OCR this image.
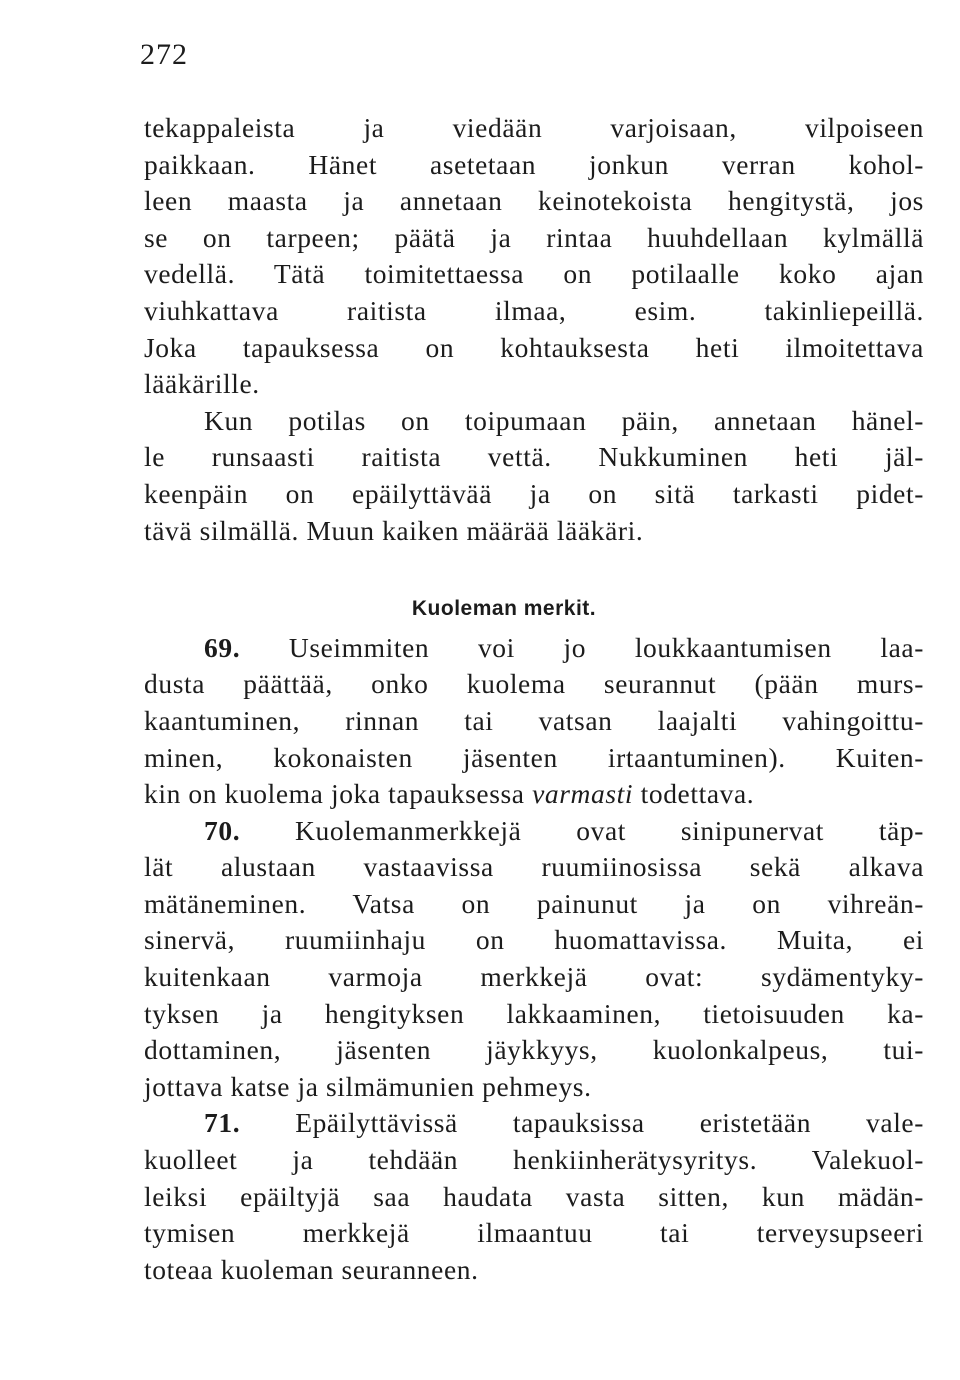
272
tekappaleista ja viedään varjoisaan, vilpoiseen
paikkaan. Hänet asetetaan jonkun verran kohol-
leen maasta ja annetaan keinotekoista hengitystä, jos
se on tarpeen; päätä ja rintaa huuhdellaan kylmällä
vedellä. Tätä toimitettaessa on potilaalle koko ajan
viuhkattava raitista ilmaa, esim. takinliepeillä.
Joka tapauksessa on kohtauksesta heti ilmoitettava
lääkärille.
Kun potilas on toipumaan päin, annetaan hänel-
le runsaasti raitista vettä. Nukkuminen heti jäl-
keenpäin on epäilyttävää ja on sitä tarkasti pidet-
tävä silmällä. Muun kaiken määrää lääkäri.
Kuoleman merkit.
69. Useimmiten voi jo loukkaantumisen laa-
dusta päättää, onko kuolema seurannut (pään murs-
kaantuminen, rinnan tai vatsan laajalti vahingoittu-
minen, kokonaisten jäsenten irtaantuminen). Kuiten-
kin on kuolema joka tapauksessa varmasti todettava.
70. Kuolemanmerkkejä ovat sinipunervat täp-
lät alustaan vastaavissa ruumiinosissa sekä alkava
mätäneminen. Vatsa on painunut ja on vihreän-
sinervä, ruumiinhaju on huomattavissa. Muita, ei
kuitenkaan varmoja merkkejä ovat: sydämentyky-
tyksen ja hengityksen lakkaaminen, tietoisuuden ka-
dottaminen, jäsenten jäykkyys, kuolonkalpeus, tui-
jottava katse ja silmämunien pehmeys.
71. Epäilyttävissä tapauksissa eristetään vale-
kuolleet ja tehdään henkiinherätysyritys. Valekuol-
leiksi epäiltyjä saa haudata vasta sitten, kun mädän-
tymisen merkkejä ilmaantuu tai terveysupseeri
toteaa kuoleman seuranneen.
